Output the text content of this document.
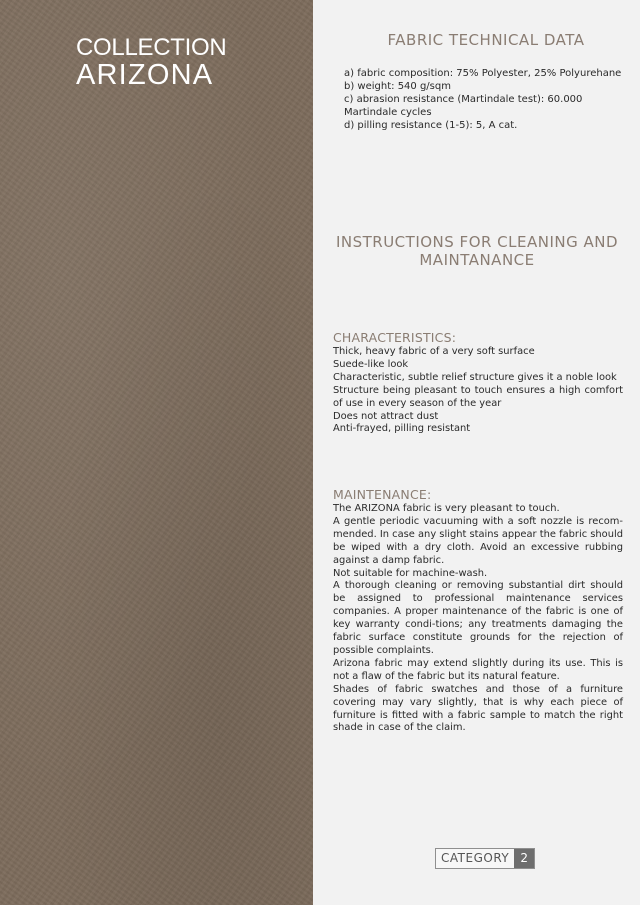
COLLECTION
ARIZONA
FABRIC TECHNICAL DATA
a) fabric composition: 75% Polyester, 25% Polyurehane
b) weight: 540 g/sqm
c) abrasion resistance (Martindale test): 60.000 Martindale cycles
d) pilling resistance (1-5): 5, A cat.
INSTRUCTIONS FOR CLEANING AND MAINTANANCE
CHARACTERISTICS:

Thick, heavy fabric of a very soft surface

Suede-like look

Characteristic, subtle relief structure gives it a noble look

Structure being pleasant to touch ensures a high comfort of use in every season of the year

Does not attract dust

Anti-frayed, pilling resistant

MAINTENANCE:

The ARIZONA fabric is very pleasant to touch.

A gentle periodic vacuuming with a soft nozzle is recom-mended. In case any slight stains appear the fabric should be wiped with a dry cloth. Avoid an excessive rubbing against a damp fabric.

Not suitable for machine-wash.

A thorough cleaning or removing substantial dirt should be assigned to professional maintenance services companies. A proper maintenance of the fabric is one of key warranty condi-tions; any treatments damaging the fabric surface constitute grounds for the rejection of possible complaints.

Arizona fabric may extend slightly during its use. This is not a flaw of the fabric but its natural feature.

Shades of fabric swatches and those of a furniture covering may vary slightly, that is why each piece of furniture is fitted with a fabric sample to match the right shade in case of the claim.

CATEGORY 2
